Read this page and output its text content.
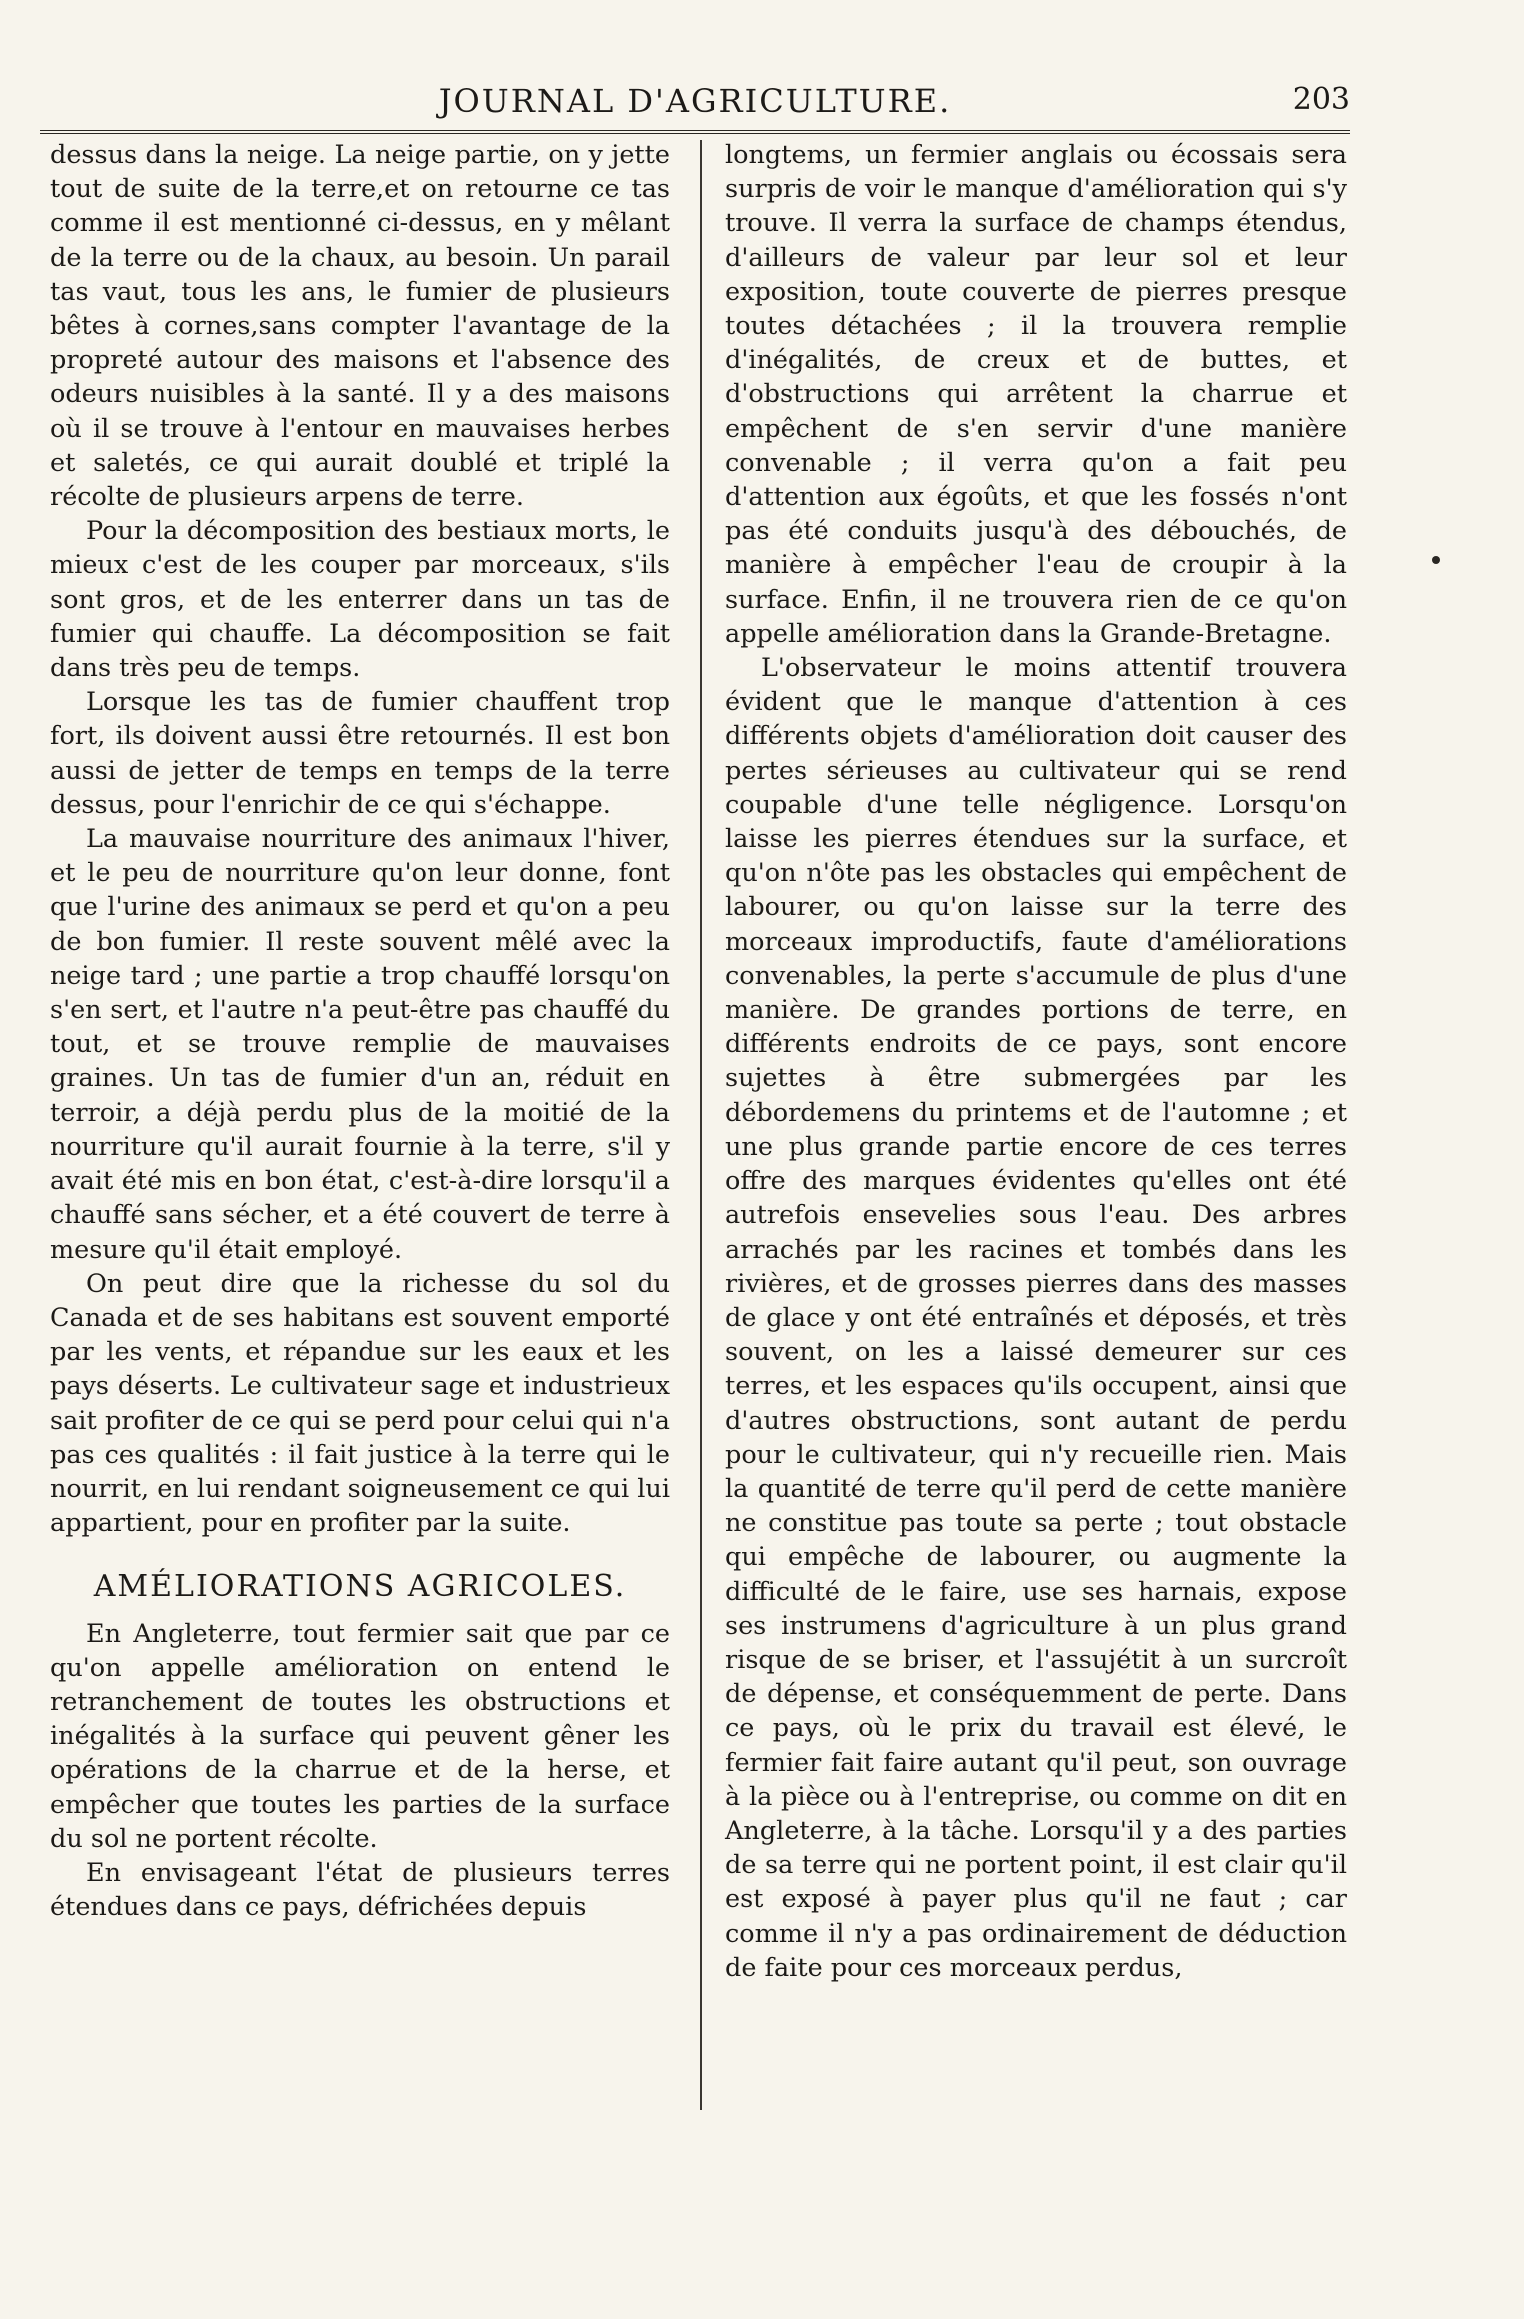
JOURNAL D'AGRICULTURE.	203

dessus dans la neige. La neige partie, on y jette tout de suite de la terre,et on retourne ce tas comme il est mentionné ci-dessus, en y mêlant de la terre ou de la chaux, au besoin. Un parail tas vaut, tous les ans, le fumier de plusieurs bêtes à cornes,sans compter l'avantage de la propreté autour des maisons et l'absence des odeurs nuisibles à la santé. Il y a des maisons où il se trouve à l'entour en mauvaises herbes et saletés, ce qui aurait doublé et triplé la récolte de plusieurs arpens de terre.

Pour la décomposition des bestiaux morts, le mieux c'est de les couper par morceaux, s'ils sont gros, et de les enterrer dans un tas de fumier qui chauffe. La décomposition se fait dans très peu de temps.

Lorsque les tas de fumier chauffent trop fort, ils doivent aussi être retournés. Il est bon aussi de jetter de temps en temps de la terre dessus, pour l'enrichir de ce qui s'échappe.

La mauvaise nourriture des animaux l'hiver, et le peu de nourriture qu'on leur donne, font que l'urine des animaux se perd et qu'on a peu de bon fumier. Il reste souvent mêlé avec la neige tard ; une partie a trop chauffé lorsqu'on s'en sert, et l'autre n'a peut-être pas chauffé du tout, et se trouve remplie de mauvaises graines. Un tas de fumier d'un an, réduit en terroir, a déjà perdu plus de la moitié de la nourriture qu'il aurait fournie à la terre, s'il y avait été mis en bon état, c'est-à-dire lorsqu'il a chauffé sans sécher, et a été couvert de terre à mesure qu'il était employé.

On peut dire que la richesse du sol du Canada et de ses habitans est souvent emporté par les vents, et répandue sur les eaux et les pays déserts. Le cultivateur sage et industrieux sait profiter de ce qui se perd pour celui qui n'a pas ces qualités : il fait justice à la terre qui le nourrit, en lui rendant soigneusement ce qui lui appartient, pour en profiter par la suite.

AMÉLIORATIONS AGRICOLES.

En Angleterre, tout fermier sait que par ce qu'on appelle amélioration on entend le retranchement de toutes les obstructions et inégalités à la surface qui peuvent gêner les opérations de la charrue et de la herse, et empêcher que toutes les parties de la surface du sol ne portent récolte.

En envisageant l'état de plusieurs terres étendues dans ce pays, défrichées depuis

longtems, un fermier anglais ou écossais sera surpris de voir le manque d'amélioration qui s'y trouve. Il verra la surface de champs étendus, d'ailleurs de valeur par leur sol et leur exposition, toute couverte de pierres presque toutes détachées ; il la trouvera remplie d'inégalités, de creux et de buttes, et d'obstructions qui arrêtent la charrue et empêchent de s'en servir d'une manière convenable ; il verra qu'on a fait peu d'attention aux égoûts, et que les fossés n'ont pas été conduits jusqu'à des débouchés, de manière à empêcher l'eau de croupir à la surface. Enfin, il ne trouvera rien de ce qu'on appelle amélioration dans la Grande-Bretagne.

L'observateur le moins attentif trouvera évident que le manque d'attention à ces différents objets d'amélioration doit causer des pertes sérieuses au cultivateur qui se rend coupable d'une telle négligence. Lorsqu'on laisse les pierres étendues sur la surface, et qu'on n'ôte pas les obstacles qui empêchent de labourer, ou qu'on laisse sur la terre des morceaux improductifs, faute d'améliorations convenables, la perte s'accumule de plus d'une manière. De grandes portions de terre, en différents endroits de ce pays, sont encore sujettes à être submergées par les débordemens du printems et de l'automne ; et une plus grande partie encore de ces terres offre des marques évidentes qu'elles ont été autrefois ensevelies sous l'eau. Des arbres arrachés par les racines et tombés dans les rivières, et de grosses pierres dans des masses de glace y ont été entraînés et déposés, et très souvent, on les a laissé demeurer sur ces terres, et les espaces qu'ils occupent, ainsi que d'autres obstructions, sont autant de perdu pour le cultivateur, qui n'y recueille rien. Mais la quantité de terre qu'il perd de cette manière ne constitue pas toute sa perte ; tout obstacle qui empêche de labourer, ou augmente la difficulté de le faire, use ses harnais, expose ses instrumens d'agriculture à un plus grand risque de se briser, et l'assujétit à un surcroît de dépense, et conséquemment de perte. Dans ce pays, où le prix du travail est élevé, le fermier fait faire autant qu'il peut, son ouvrage à la pièce ou à l'entreprise, ou comme on dit en Angleterre, à la tâche. Lorsqu'il y a des parties de sa terre qui ne portent point, il est clair qu'il est exposé à payer plus qu'il ne faut ; car comme il n'y a pas ordinairement de déduction de faite pour ces morceaux perdus,
